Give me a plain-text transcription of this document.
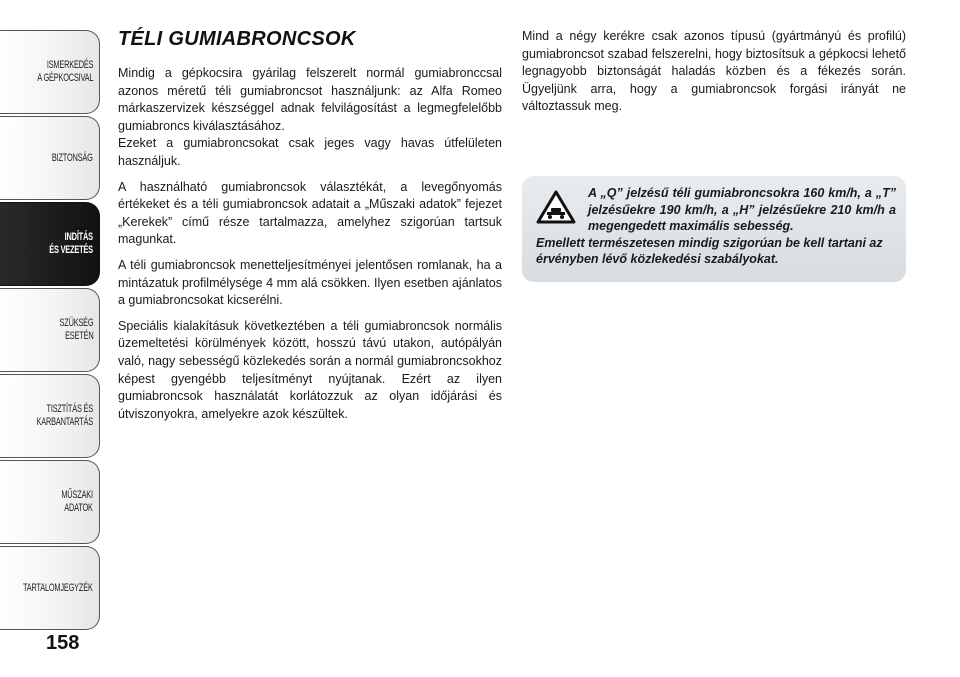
ISMERKEDÉS
A GÉPKOCSIVAL
BIZTONSÁG
INDÍTÁS
ÉS VEZETÉS
SZÜKSÉG
ESETÉN
TISZTÍTÁS ÉS
KARBANTARTÁS
MŰSZAKI
ADATOK
TARTALOMJEGYZÉK
158
TÉLI GUMIABRONCSOK

Mindig a gépkocsira gyárilag felszerelt normál gumiabronccsal azonos méretű téli gumiabroncsot használjunk: az Alfa Romeo márkaszervizek készséggel adnak felvilágosítást a legmegfelelőbb gumiabroncs kiválasztásához.

Ezeket a gumiabroncsokat csak jeges vagy havas útfelületen használjuk.

A használható gumiabroncsok választékát, a levegőnyomás értékeket és a téli gumiabroncsok adatait a „Műszaki adatok” fejezet „Kerekek” című része tartalmazza, amelyhez szigorúan tartsuk magunkat.

A téli gumiabroncsok menetteljesítményei jelentősen romlanak, ha a mintázatuk profilmélysége 4 mm alá csökken. Ilyen esetben ajánlatos a gumiabroncsokat kicserélni.

Speciális kialakításuk következtében a téli gumiabroncsok normális üzemeltetési körülmények között, hosszú távú utakon, autópályán való, nagy sebességű közlekedés során a normál gumiabroncsokhoz képest gyengébb teljesítményt nyújtanak. Ezért az ilyen gumiabroncsok használatát korlátozzuk az olyan időjárási és útviszonyokra, amelyekre azok készültek.

Mind a négy kerékre csak azonos típusú (gyártmányú és profilú) gumiabroncsot szabad felszerelni, hogy biztosítsuk a gépkocsi lehető legnagyobb biztonságát haladás közben és a fékezés során. Ügyeljünk arra, hogy a gumiabroncsok forgási irányát ne változtassuk meg.

A „Q” jelzésű téli gumiabroncsokra 160 km/h, a „T” jelzésűekre 190 km/h, a „H” jelzésűekre 210 km/h a megengedett maximális sebesség.
Emellett természetesen mindig szigorúan be kell tartani az érvényben lévő közlekedési szabályokat.
